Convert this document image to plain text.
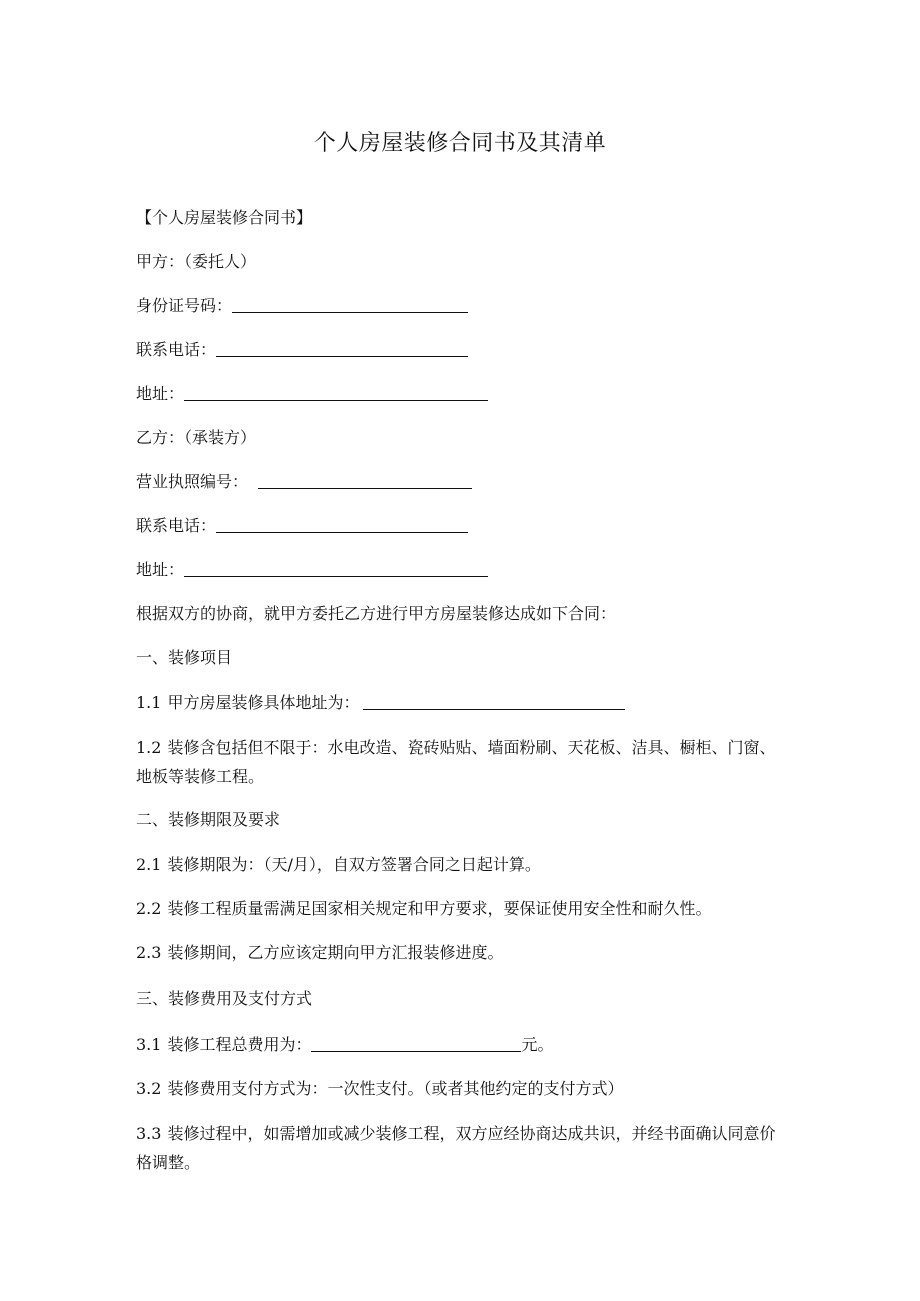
个人房屋装修合同书及其清单
【个人房屋装修合同书】
甲方：（委托人）
身份证号码：
联系电话：
地址：
乙方：（承装方）
营业执照编号：
联系电话：
地址：
根据双方的协商，就甲方委托乙方进行甲方房屋装修达成如下合同：
一、装修项目
1.1 甲方房屋装修具体地址为：
1.2 装修含包括但不限于：水电改造、瓷砖贴贴、墙面粉刷、天花板、洁具、橱柜、门窗、地板等装修工程。
二、装修期限及要求
2.1 装修期限为：（天/月），自双方签署合同之日起计算。
2.2 装修工程质量需满足国家相关规定和甲方要求，要保证使用安全性和耐久性。
2.3 装修期间，乙方应该定期向甲方汇报装修进度。
三、装修费用及支付方式
3.1 装修工程总费用为：	元。
3.2 装修费用支付方式为：一次性支付。（或者其他约定的支付方式）
3.3 装修过程中，如需增加或减少装修工程，双方应经协商达成共识，并经书面确认同意价格调整。
